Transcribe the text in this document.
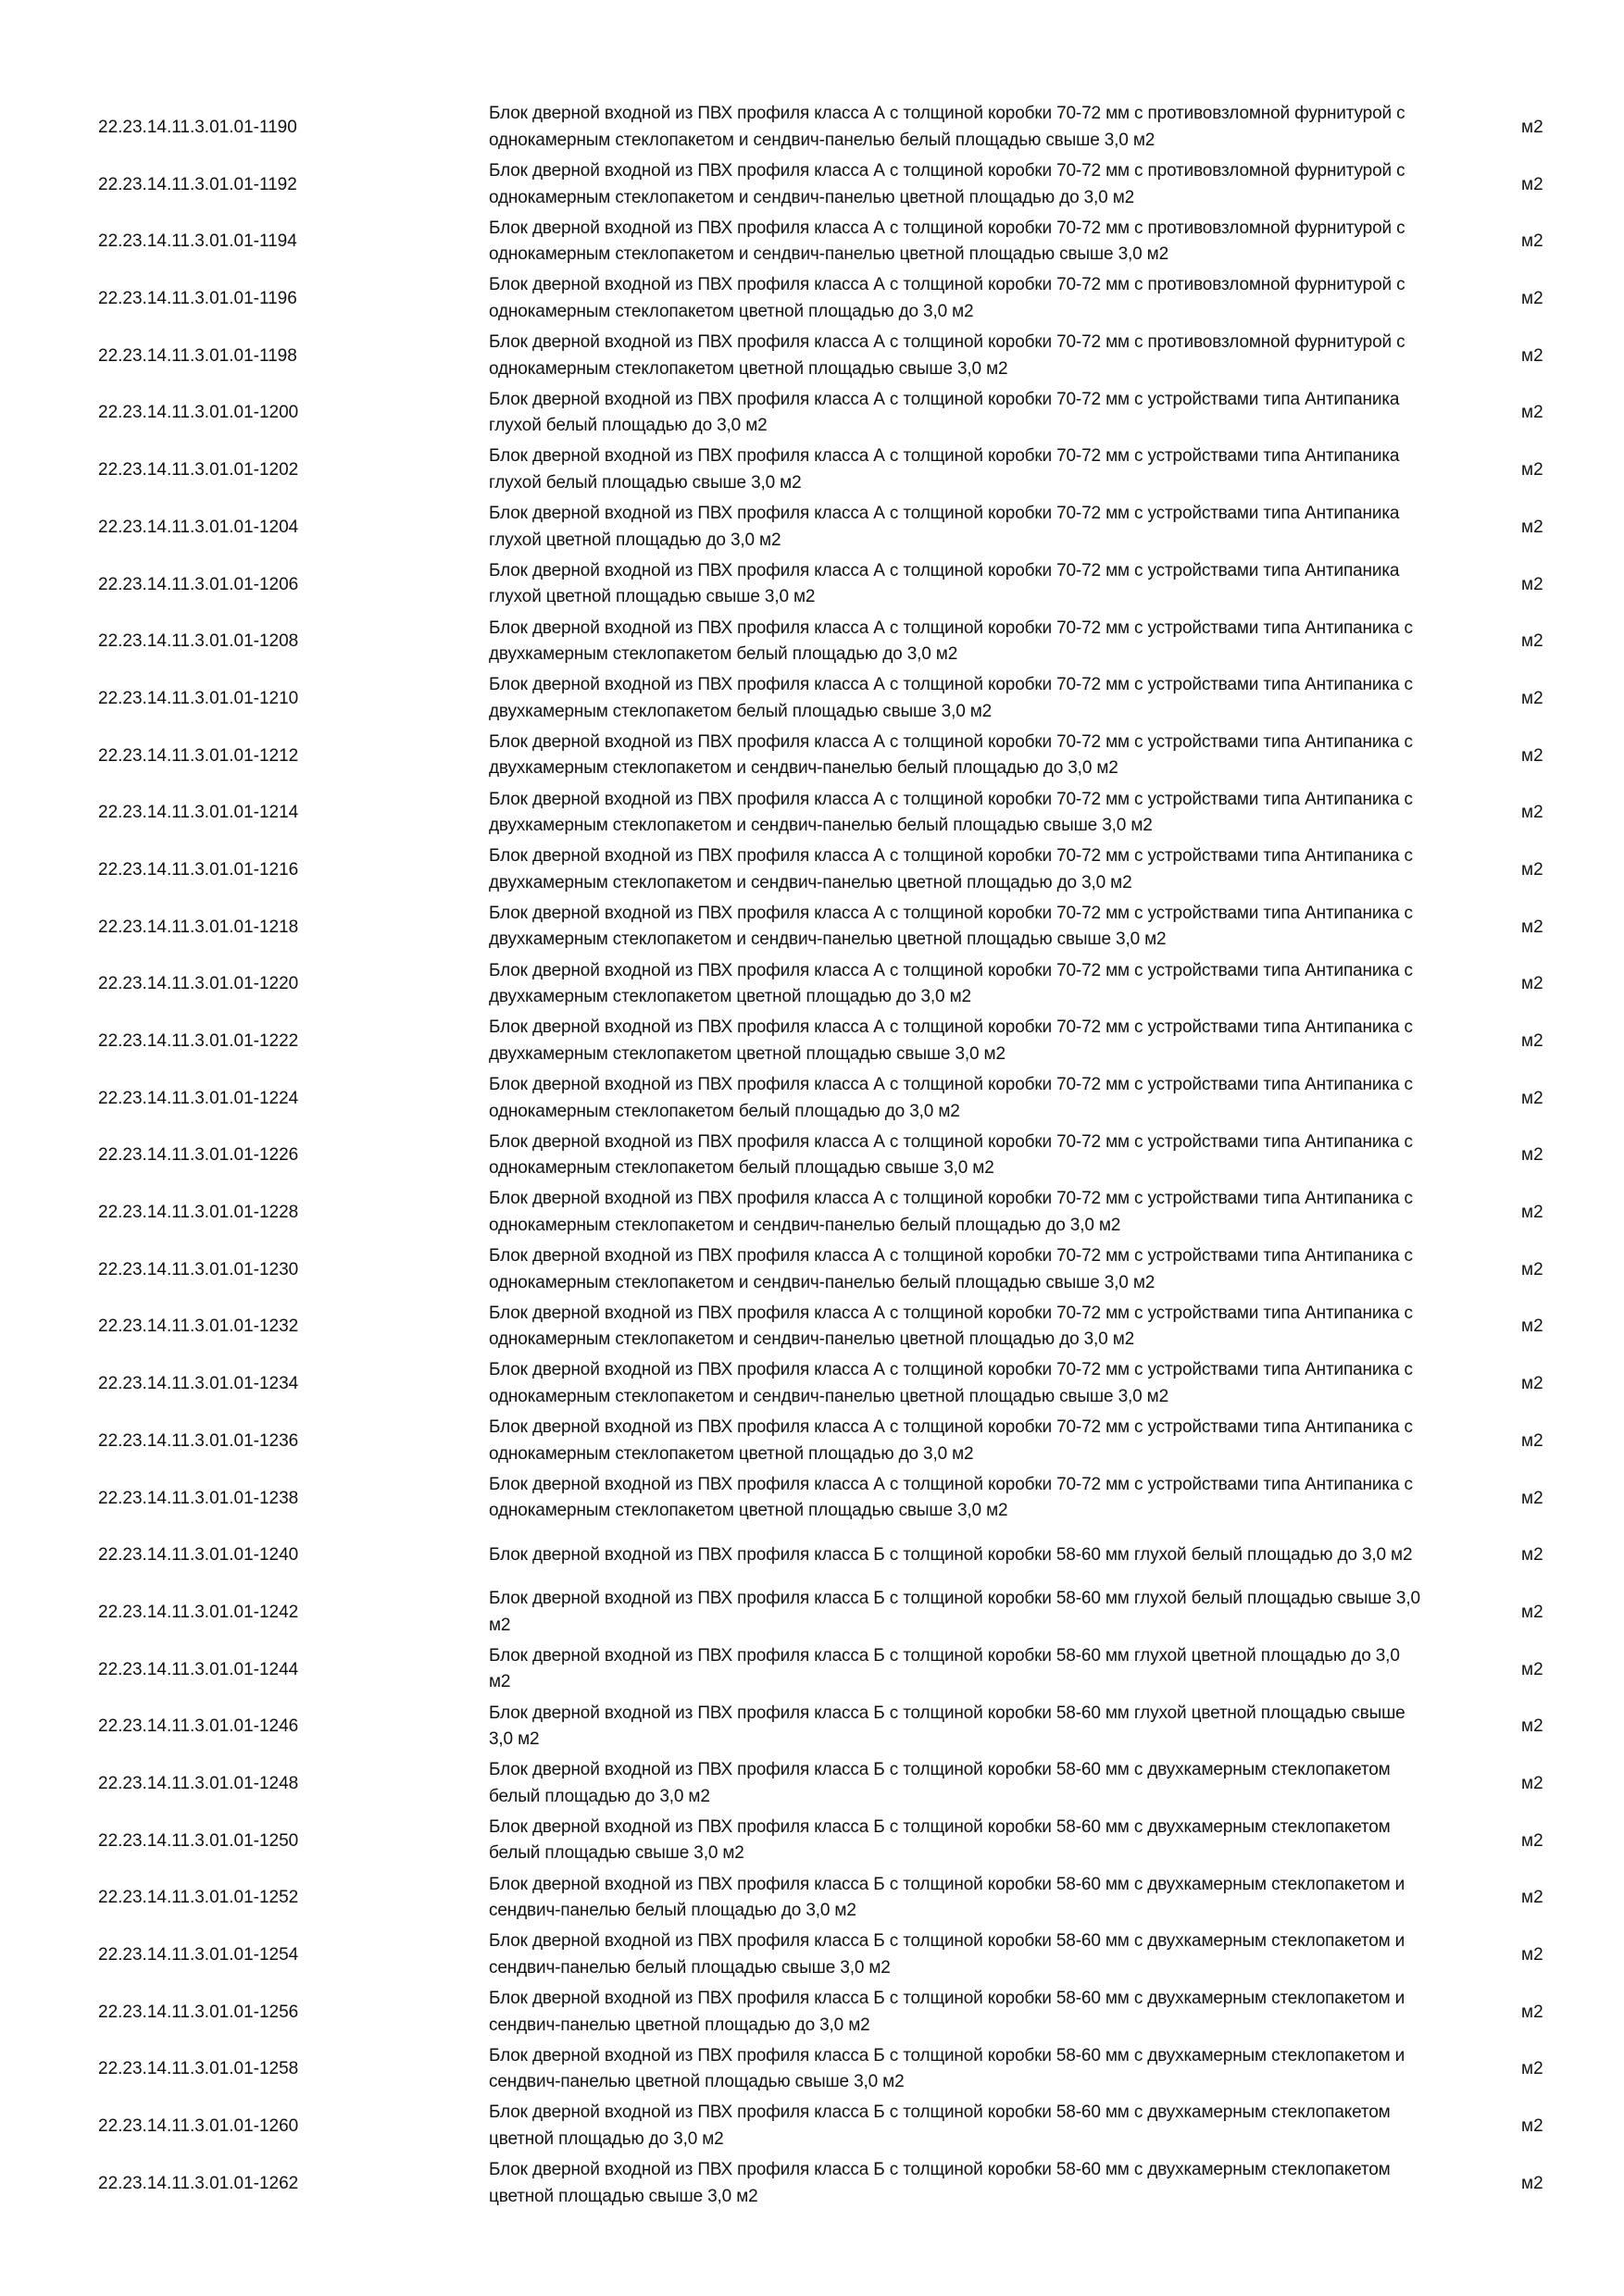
22.23.14.11.3.01.01-1190
Блок дверной входной из ПВХ профиля класса А с толщиной коробки 70-72 мм с противовзломной фурнитурой с однокамерным стеклопакетом и сендвич-панелью белый площадью свыше 3,0 м2
м2
22.23.14.11.3.01.01-1192
Блок дверной входной из ПВХ профиля класса А с толщиной коробки 70-72 мм с противовзломной фурнитурой с однокамерным стеклопакетом и сендвич-панелью цветной площадью до 3,0 м2
м2
22.23.14.11.3.01.01-1194
Блок дверной входной из ПВХ профиля класса А с толщиной коробки 70-72 мм с противовзломной фурнитурой с однокамерным стеклопакетом и сендвич-панелью цветной площадью свыше 3,0 м2
м2
22.23.14.11.3.01.01-1196
Блок дверной входной из ПВХ профиля класса А с толщиной коробки 70-72 мм с противовзломной фурнитурой с однокамерным стеклопакетом цветной площадью до 3,0 м2
м2
22.23.14.11.3.01.01-1198
Блок дверной входной из ПВХ профиля класса А с толщиной коробки 70-72 мм с противовзломной фурнитурой с однокамерным стеклопакетом цветной площадью свыше 3,0 м2
м2
22.23.14.11.3.01.01-1200
Блок дверной входной из ПВХ профиля класса А с толщиной коробки 70-72 мм с устройствами типа Антипаника глухой белый площадью до 3,0 м2
м2
22.23.14.11.3.01.01-1202
Блок дверной входной из ПВХ профиля класса А с толщиной коробки 70-72 мм с устройствами типа Антипаника глухой белый площадью свыше 3,0 м2
м2
22.23.14.11.3.01.01-1204
Блок дверной входной из ПВХ профиля класса А с толщиной коробки 70-72 мм с устройствами типа Антипаника глухой цветной площадью до 3,0 м2
м2
22.23.14.11.3.01.01-1206
Блок дверной входной из ПВХ профиля класса А с толщиной коробки 70-72 мм с устройствами типа Антипаника глухой цветной площадью свыше 3,0 м2
м2
22.23.14.11.3.01.01-1208
Блок дверной входной из ПВХ профиля класса А с толщиной коробки 70-72 мм с устройствами типа Антипаника с двухкамерным стеклопакетом белый площадью до 3,0 м2
м2
22.23.14.11.3.01.01-1210
Блок дверной входной из ПВХ профиля класса А с толщиной коробки 70-72 мм с устройствами типа Антипаника с двухкамерным стеклопакетом белый площадью свыше 3,0 м2
м2
22.23.14.11.3.01.01-1212
Блок дверной входной из ПВХ профиля класса А с толщиной коробки 70-72 мм с устройствами типа Антипаника с двухкамерным стеклопакетом и сендвич-панелью белый площадью до 3,0 м2
м2
22.23.14.11.3.01.01-1214
Блок дверной входной из ПВХ профиля класса А с толщиной коробки 70-72 мм с устройствами типа Антипаника с двухкамерным стеклопакетом и сендвич-панелью белый площадью свыше 3,0 м2
м2
22.23.14.11.3.01.01-1216
Блок дверной входной из ПВХ профиля класса А с толщиной коробки 70-72 мм с устройствами типа Антипаника с двухкамерным стеклопакетом и сендвич-панелью цветной площадью до 3,0 м2
м2
22.23.14.11.3.01.01-1218
Блок дверной входной из ПВХ профиля класса А с толщиной коробки 70-72 мм с устройствами типа Антипаника с двухкамерным стеклопакетом и сендвич-панелью цветной площадью свыше 3,0 м2
м2
22.23.14.11.3.01.01-1220
Блок дверной входной из ПВХ профиля класса А с толщиной коробки 70-72 мм с устройствами типа Антипаника с двухкамерным стеклопакетом цветной площадью до 3,0 м2
м2
22.23.14.11.3.01.01-1222
Блок дверной входной из ПВХ профиля класса А с толщиной коробки 70-72 мм с устройствами типа Антипаника с двухкамерным стеклопакетом цветной площадью свыше 3,0 м2
м2
22.23.14.11.3.01.01-1224
Блок дверной входной из ПВХ профиля класса А с толщиной коробки 70-72 мм с устройствами типа Антипаника с однокамерным стеклопакетом белый площадью до 3,0 м2
м2
22.23.14.11.3.01.01-1226
Блок дверной входной из ПВХ профиля класса А с толщиной коробки 70-72 мм с устройствами типа Антипаника с однокамерным стеклопакетом белый площадью свыше 3,0 м2
м2
22.23.14.11.3.01.01-1228
Блок дверной входной из ПВХ профиля класса А с толщиной коробки 70-72 мм с устройствами типа Антипаника с однокамерным стеклопакетом и сендвич-панелью белый площадью до 3,0 м2
м2
22.23.14.11.3.01.01-1230
Блок дверной входной из ПВХ профиля класса А с толщиной коробки 70-72 мм с устройствами типа Антипаника с однокамерным стеклопакетом и сендвич-панелью белый площадью свыше 3,0 м2
м2
22.23.14.11.3.01.01-1232
Блок дверной входной из ПВХ профиля класса А с толщиной коробки 70-72 мм с устройствами типа Антипаника с однокамерным стеклопакетом и сендвич-панелью цветной площадью до 3,0 м2
м2
22.23.14.11.3.01.01-1234
Блок дверной входной из ПВХ профиля класса А с толщиной коробки 70-72 мм с устройствами типа Антипаника с однокамерным стеклопакетом и сендвич-панелью цветной площадью свыше 3,0 м2
м2
22.23.14.11.3.01.01-1236
Блок дверной входной из ПВХ профиля класса А с толщиной коробки 70-72 мм с устройствами типа Антипаника с однокамерным стеклопакетом цветной площадью до 3,0 м2
м2
22.23.14.11.3.01.01-1238
Блок дверной входной из ПВХ профиля класса А с толщиной коробки 70-72 мм с устройствами типа Антипаника с однокамерным стеклопакетом цветной площадью свыше 3,0 м2
м2
22.23.14.11.3.01.01-1240	Блок дверной входной из ПВХ профиля класса Б с толщиной коробки 58-60 мм глухой белый площадью до 3,0 м2	м2
22.23.14.11.3.01.01-1242
Блок дверной входной из ПВХ профиля класса Б с толщиной коробки 58-60 мм глухой белый площадью свыше 3,0 м2
м2
22.23.14.11.3.01.01-1244
Блок дверной входной из ПВХ профиля класса Б с толщиной коробки 58-60 мм глухой цветной площадью до 3,0 м2
м2
22.23.14.11.3.01.01-1246
Блок дверной входной из ПВХ профиля класса Б с толщиной коробки 58-60 мм глухой цветной площадью свыше 3,0 м2
м2
22.23.14.11.3.01.01-1248
Блок дверной входной из ПВХ профиля класса Б с толщиной коробки 58-60 мм с двухкамерным стеклопакетом белый площадью до 3,0 м2
м2
22.23.14.11.3.01.01-1250
Блок дверной входной из ПВХ профиля класса Б с толщиной коробки 58-60 мм с двухкамерным стеклопакетом белый площадью свыше 3,0 м2
м2
22.23.14.11.3.01.01-1252
Блок дверной входной из ПВХ профиля класса Б с толщиной коробки 58-60 мм с двухкамерным стеклопакетом и сендвич-панелью белый площадью до 3,0 м2
м2
22.23.14.11.3.01.01-1254
Блок дверной входной из ПВХ профиля класса Б с толщиной коробки 58-60 мм с двухкамерным стеклопакетом и сендвич-панелью белый площадью свыше 3,0 м2
м2
22.23.14.11.3.01.01-1256
Блок дверной входной из ПВХ профиля класса Б с толщиной коробки 58-60 мм с двухкамерным стеклопакетом и сендвич-панелью цветной площадью до 3,0 м2
м2
22.23.14.11.3.01.01-1258
Блок дверной входной из ПВХ профиля класса Б с толщиной коробки 58-60 мм с двухкамерным стеклопакетом и сендвич-панелью цветной площадью свыше 3,0 м2
м2
22.23.14.11.3.01.01-1260
Блок дверной входной из ПВХ профиля класса Б с толщиной коробки 58-60 мм с двухкамерным стеклопакетом цветной площадью до 3,0 м2
м2
22.23.14.11.3.01.01-1262
Блок дверной входной из ПВХ профиля класса Б с толщиной коробки 58-60 мм с двухкамерным стеклопакетом цветной площадью свыше 3,0 м2
м2
